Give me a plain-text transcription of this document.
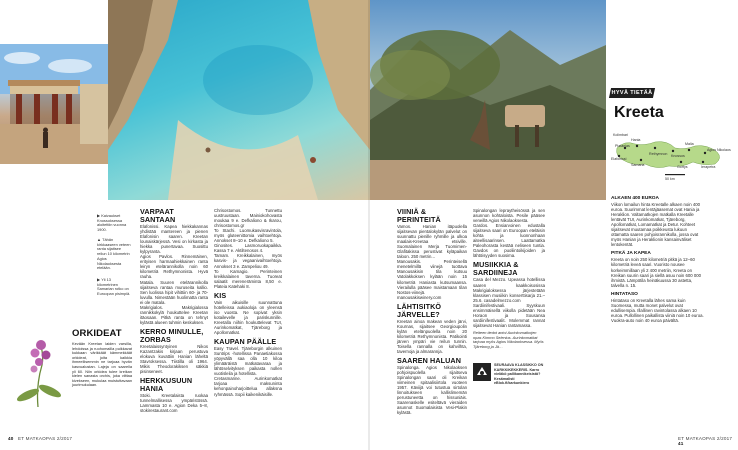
▶ Kaivaukset Knossoksessa aloitettiin vuonna 1900.
▲ Tähän kirkkaaseen veteen ranta sijaitsee reilun 10 kilometrin Agios Nikolaoksesta etelään.
▶ Yli 13 kilometrinen Samarian rotko on Euroopan pisimpiä.
ORKIDEAT
Kevään Kreetan laiden varsilla, lehdoissa ja ruohomailla puikkavat kukkaan värikkäät kämmekkäät orkideat, joita kaikkia ihmeellisemmin ne tarjoaa hyvän kasvualustan. Lajeja on saarella yli 60. Niin orkidea tulee kreikan kielen sanasta orchis, joka viittaa kivekseen, mukulaa muistuttavaan juurimukulaan.
VARPAAT SANTAAN
Elafonissi. Kapea hiekkakannas yhdistää mantereen ja pienen Elafonisin saaren. Kreetan lounaiskärjessä. Vesi on kirkasta ja hiekka punertavaa. Suosittu kylpyranta.
Agios Pavlos. Rinnemäinen, erityisen harmaahiekkainen ranta leiryn etelärannikolla noin 60 kilometriä Rethymnonista. Hyvä rauha.
Matala. Suuren etelärannikolla sijaitseva rantaa muruseita kallio. Sen luolissa hipit vihittiin 60- ja 70-luvulla. Nimestään huolimatta ranta ei ole matala.
Makrigialos. Makrigialossa rannikkokylä houkuttelee Kreetan itäosaan. Pitkä ranta on tehnyt kylästä alueen tuhmin keskuksen.
KERRO MINULLE, ZORBAS
Kreetalaissyntyinen Nikos Kazantzakis kirjaan perustuva elokuva kuvattiin Hanian läheltä Stavroksessa. Tiistilla oli 1964. Mikis Theodorakiksen säkkiä pisinseneet.
HERKKUSUUN HANIA
Stoki. Kreetalaista ruokaa tunnelmallisessa ympäristössä. Lammasta 10 e. Agion Deka 5–8, stokirestaurant.com
Chrisostomos. Tunnettu uustruustaan. Mainiokohovasta moukaa 9 e. Defkaliono & Ikarou, chrisostomos.gr
To Stachi. Luomukasvisravintola, myös gluteenittomia vaihtoehtoja. Annokset 8–10 e. Defkaliono 5.
Ginosites. Lasmoruokapaikka. Kassa 7 e. Aktiltenosos 4.
Tamam. Kreikkalainen, myös kasvis- ja vegaanivaihtoehtoja. Annokset 3 e. Zampeliou 49.
To Karnagio. Perinteinen kreikkalainen taverna. Tuoreat salaatit mereneräminta 8,50 e. Plateia Katehaki 8.
KIS
Vain aikuisille suunnattuna hotelleissa aukiaoloja on yleensä iso vuosta. Ne sopivat yksin kotailevelle ja pariskunnille. Kreetalla niihin houkuttelevat TUI, Aurinkomatkat, Tjäreborg ja Apollomatkat.
KAUPAN PÄÄLLE
Easy Travel. Tjäreborgin alkuinen Suntrips -hotellissa Panaetiakossa yöpyvällä saa olla 10 kiloa ylimääräistä matkatavaraa ja lähtöselvityksen paikasta nollen vuotisleila ja hotellista.
Cretasmarine. Aurinkomatkat tarjoaa maksuninta kehonpainoharjoittelua allaksna ryhmässä. Sopii kaikenikäisille.
VIINIÄ & PERINTEITÄ
Vamos. Hanian itäpuolella sijaitsevan pientalokylän palvelut on suunnattu pienille ryhmille ja ulkoa maalais-Kreetaa etsiville. Suomalainen Merja Tuomimen-Glafitakissa perustivat kyläpaikan taloon. 250 metrin...
Manousakis. Perinteisellä menetelmillä viinejä tuottava Manousakisin tila kutsuu Vatolakkoksen kylään noin 15 kilometriä Haniasta kutsumaansa. Vierailulla pääsee maistamaan tilan Nostos-viinejä. manousakiswinery.com
LÄHTISITKÖ JÄRVELLE?
Kreetan ainoa makean veden järvi, Kournas, sijaitsee Georgioupolin kylän etelänpuolella noin 20 kilometriä Rethymnonista. Patikointi järven ympäri vie reilun tunnin. Toisella rannalla on kahvilhta, tavernoja ja almarannja.
SAAREN HALUAN
Spinalonga. Agios Nikolaoksen pohjoispuolella sijaitseva Spinalongan saari oli Kreikan viimeinen spitaalisiirtola vuoteen 1957. Käviijä voi tutustua sirtolan linnoitukseen kallislimemän perustuneetta on hissuniäis. Saarenaskelle esiteltävä vieraiden asunnot Suomalaisista Vesi-Plakin kylästä.
Spinalongan lepraytheisössä ja sen asunnon kohtaloista. Pesile pääsee veneillä Agios Nikolaoksesta.
Gardos. Ensiarvoinen edustalla sijaitseva saari on Euroopan eteläisin kohta ja luonnonhaan aiteellisaarinsen. Laattamatka Paleohorasta kestää neliseen tuntia. Gavdos on puoliintoikijoiden ja lähtöisyyden suosima.
MUSIIKKIA & SARDIINEJA
Casa del Mezzo. Upeassa hotellissa saaren kaakkoisosissa Makrigialoksessa järjestetään klassisen musiikin konserttisarja 21.–25.6. casadelmezzo.com
Sardiinifestivaali. Syyskuun ensimmäisellä viikolla pidetään Nea Horaon ja Sousansa sardiinifestivaalit. Molemmat rannat sijaitsevat Hanian rantamassa.
Reiteen tiedot antoi Aurinkomatkojen opas Kimmo Selenius. Aurinkomatkat tarjoaa myös Agios Nikolaoksessa. Myös Tjäreborg ja Jä…
SEURAAVA KLASSIKKO ON KARKKIKEKKERIS. Karro vieläkö pallikannikeisistä? Kesämalisti eBlok.fi/karkunkiero
HYVÄ TIETÄÄ
Kreeta
Hania
Platanias
Kolimbari
Elafonissi
Samaria
Rethymnon
Malia
Knossos
Agios Nikolaos
Gortys	Ierapetra
50 km
ALKAEN 400 EUROA
Viikon lomailun hinta Kreetalle alkaen noin 400 euroa. Suurimmat lentäjäasemat ovat Hania ja Heraklion. Valtamatkojen matkalla Kreetalle lentävät TUI, Aurinkomatkat, Tjäreborg, Apollomatkat, Lomamatkat ja Detur. Kohteet sijaitsevat muutamaa poikkeusta lukuun ottamatta saaren pohjoisrannikolla, jossa ovat myös Hanian ja Heraklionin kansainväliset lentokentät.
PITKÄ JA KAPEA
Kreeta on noin 250 kilometriä pitkä ja 12–60 kilometriä leveä saari. Vuoristo nousee korkeimmillaan yli 2 400 metriin, Kreeta on Kreikan suurin saari ja siellä asuu noin 600 000 ihmistä. Lämpötila heinäkuussa 30 astetta, talvella n. 15.
HINTATASO
Hintataso on Kreetalla lähes sama kuin Suomessa, mutta monet palvelut ovat edullisempia. Illallinen ravintolassa alkaen 10 euroa. Pullollinen paikallista viiniä noin 10 euroa. Vuokra-auto noin 40 euroa päivältä.
40 ET MATKAOPAS 2/2017	ET MATKAOPAS 2/2017 41
